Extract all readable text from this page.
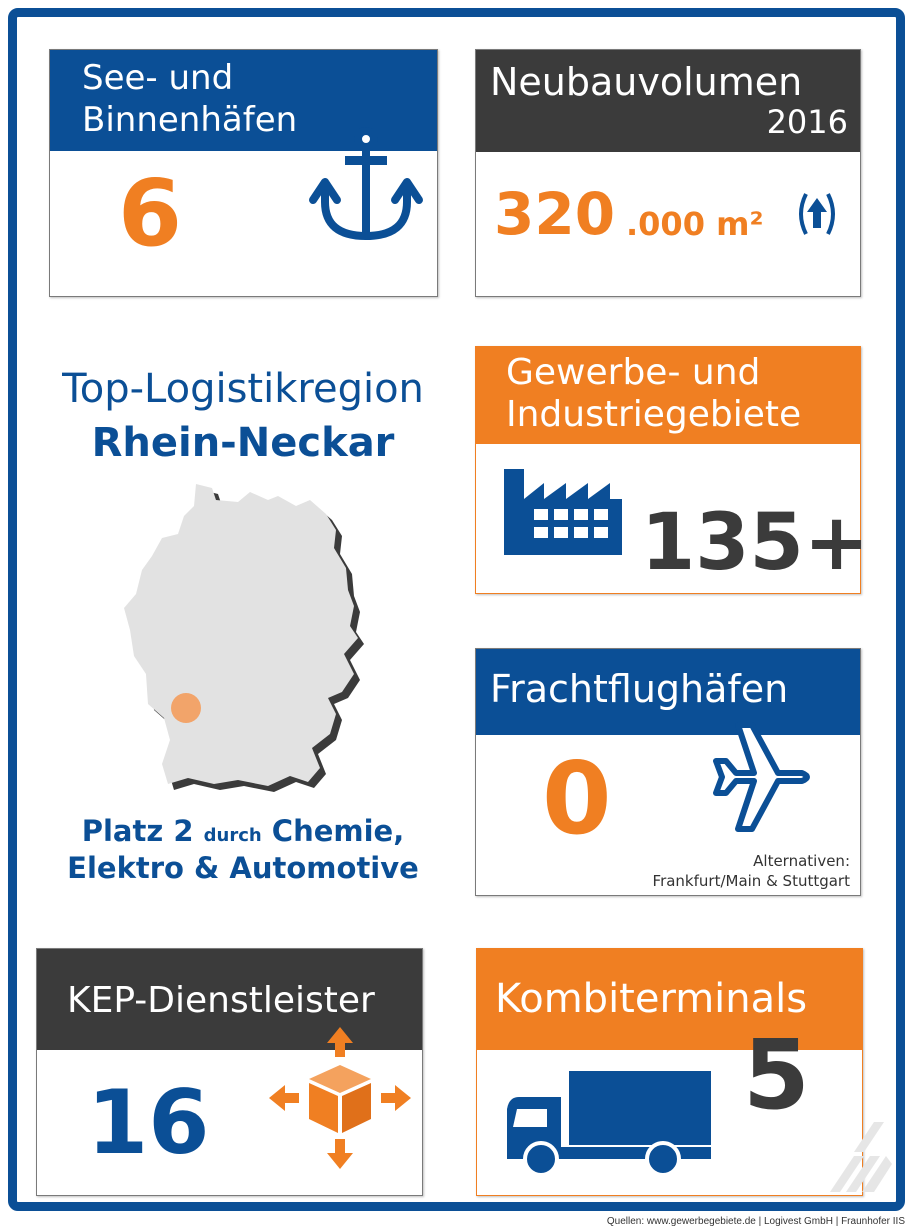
See- und
Binnenhäfen
6
Neubauvolumen
2016
320 .000 m²
Top-Logistikregion
Rhein-Neckar
Platz 2 durch Chemie,
Elektro & Automotive
Gewerbe- und
Industriegebiete
135+
Frachtflughäfen
0
Alternativen:
Frankfurt/Main & Stuttgart
KEP-Dienstleister
16
Kombiterminals
5
Quellen: www.gewerbegebiete.de | Logivest GmbH | Fraunhofer IIS
